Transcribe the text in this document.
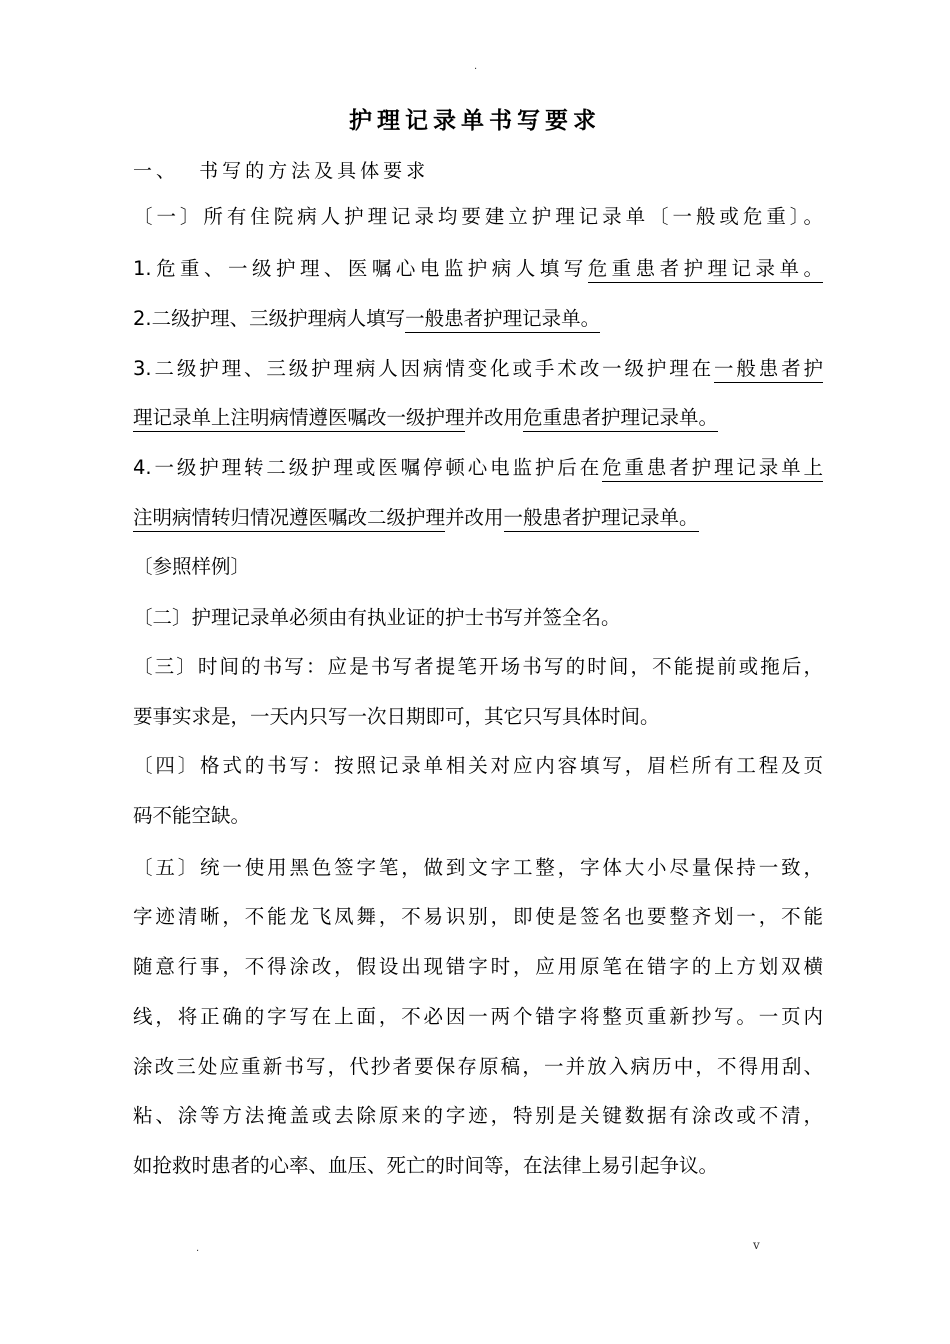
.
护理记录单书写要求
一、  书写的方法及具体要求
〔一〕所有住院病人护理记录均要建立护理记录单〔一般或危重〕。
1.危重、一级护理、医嘱心电监护病人填写危重患者护理记录单。
2.二级护理、三级护理病人填写一般患者护理记录单。
3.二级护理、三级护理病人因病情变化或手术改一级护理在一般患者护
理记录单上注明病情遵医嘱改一级护理并改用危重患者护理记录单。
4.一级护理转二级护理或医嘱停顿心电监护后在危重患者护理记录单上
注明病情转归情况遵医嘱改二级护理并改用一般患者护理记录单。
〔参照样例〕
〔二〕护理记录单必须由有执业证的护士书写并签全名。
〔三〕时间的书写：应是书写者提笔开场书写的时间，不能提前或拖后，
要事实求是，一天内只写一次日期即可，其它只写具体时间。
〔四〕格式的书写：按照记录单相关对应内容填写，眉栏所有工程及页
码不能空缺。
〔五〕统一使用黑色签字笔，做到文字工整，字体大小尽量保持一致，
字迹清晰，不能龙飞凤舞，不易识别，即使是签名也要整齐划一，不能
随意行事，不得涂改，假设出现错字时，应用原笔在错字的上方划双横
线，将正确的字写在上面，不必因一两个错字将整页重新抄写。一页内
涂改三处应重新书写，代抄者要保存原稿，一并放入病历中，不得用刮、
粘、涂等方法掩盖或去除原来的字迹，特别是关键数据有涂改或不清，
如抢救时患者的心率、血压、死亡的时间等，在法律上易引起争议。
.	v
